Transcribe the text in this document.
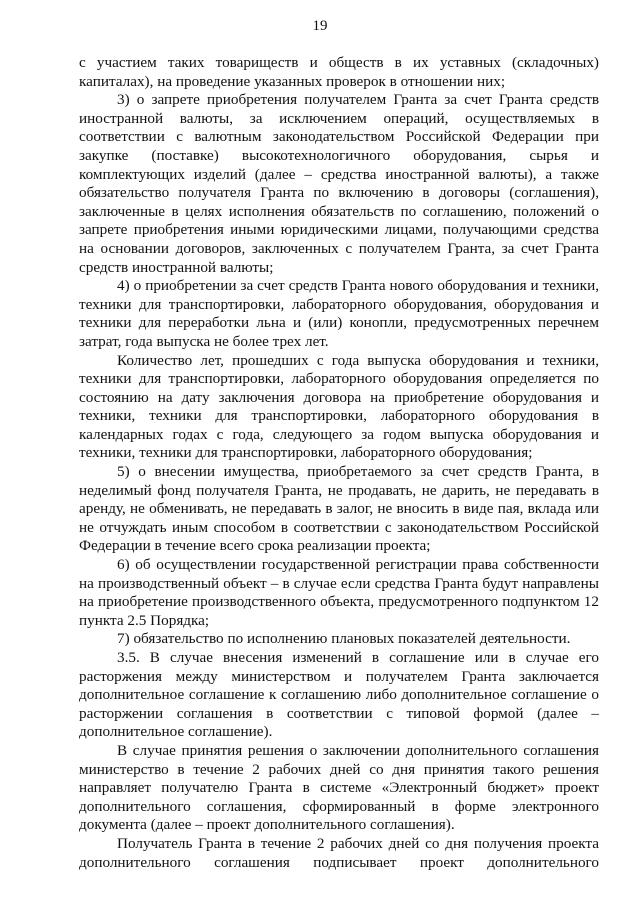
19

с участием таких товариществ и обществ в их уставных (складочных) капиталах), на проведение указанных проверок в отношении них;

3) о запрете приобретения получателем Гранта за счет Гранта средств иностранной валюты, за исключением операций, осуществляемых в соответствии с валютным законодательством Российской Федерации при закупке (поставке) высокотехнологичного оборудования, сырья и комплектующих изделий (далее – средства иностранной валюты), а также обязательство получателя Гранта по включению в договоры (соглашения), заключенные в целях исполнения обязательств по соглашению, положений о запрете приобретения иными юридическими лицами, получающими средства на основании договоров, заключенных с получателем Гранта, за счет Гранта средств иностранной валюты;

4) о приобретении за счет средств Гранта нового оборудования и техники, техники для транспортировки, лабораторного оборудования, оборудования и техники для переработки льна и (или) конопли, предусмотренных перечнем затрат, года выпуска не более трех лет.

Количество лет, прошедших с года выпуска оборудования и техники, техники для транспортировки, лабораторного оборудования определяется по состоянию на дату заключения договора на приобретение оборудования и техники, техники для транспортировки, лабораторного оборудования в календарных годах с года, следующего за годом выпуска оборудования и техники, техники для транспортировки, лабораторного оборудования;

5) о внесении имущества, приобретаемого за счет средств Гранта, в неделимый фонд получателя Гранта, не продавать, не дарить, не передавать в аренду, не обменивать, не передавать в залог, не вносить в виде пая, вклада или не отчуждать иным способом в соответствии с законодательством Российской Федерации в течение всего срока реализации проекта;

6) об осуществлении государственной регистрации права собственности на производственный объект – в случае если средства Гранта будут направлены на приобретение производственного объекта, предусмотренного подпунктом 12 пункта 2.5 Порядка;

7) обязательство по исполнению плановых показателей деятельности.

3.5. В случае внесения изменений в соглашение или в случае его расторжения между министерством и получателем Гранта заключается дополнительное соглашение к соглашению либо дополнительное соглашение о расторжении соглашения в соответствии с типовой формой (далее – дополнительное соглашение).

В случае принятия решения о заключении дополнительного соглашения министерство в течение 2 рабочих дней со дня принятия такого решения направляет получателю Гранта в системе «Электронный бюджет» проект дополнительного соглашения, сформированный в форме электронного документа (далее – проект дополнительного соглашения).

Получатель Гранта в течение 2 рабочих дней со дня получения проекта дополнительного соглашения подписывает проект дополнительного
